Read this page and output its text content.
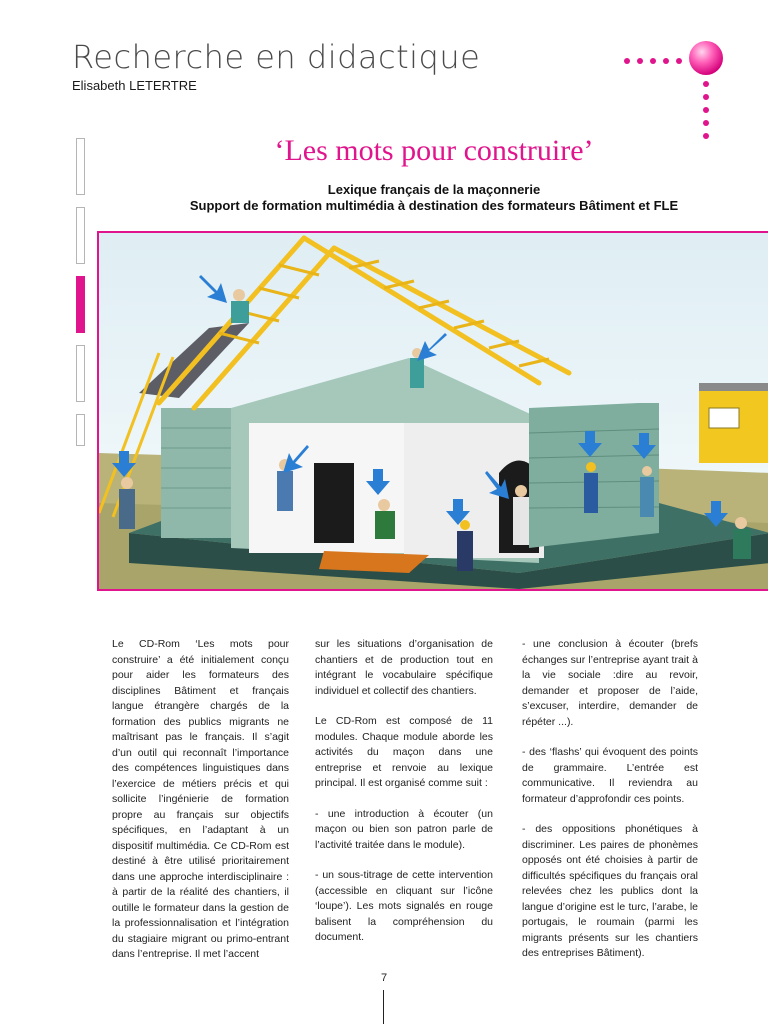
Recherche en didactique
Elisabeth LETERTRE
‘Les mots pour construire’
Lexique français de la maçonnerie
Support de formation multimédia à destination des formateurs Bâtiment et FLE

Le CD-Rom ‘Les mots pour construire’ a été initialement conçu pour aider les formateurs des disciplines Bâtiment et français langue étrangère chargés de la formation des publics migrants ne maîtrisant pas le français. Il s’agit d’un outil qui reconnaît l’importance des compétences linguistiques dans l’exercice de métiers précis et qui sollicite l’ingénierie de formation propre au français sur objectifs spécifiques, en l’adaptant à un dispositif multimédia. Ce CD-Rom est destiné à être utilisé prioritairement dans une approche interdisciplinaire : à partir de la réalité des chantiers, il outille le formateur dans la gestion de la professionnalisation et l’intégration du stagiaire migrant ou primo-entrant dans l’entreprise. Il met l’accent

sur les situations d’organisation de chantiers et de production tout en intégrant le vocabulaire spécifique individuel et collectif des chantiers.

Le CD-Rom est composé de 11 modules. Chaque module aborde les activités du maçon dans une entreprise et renvoie au lexique principal. Il est organisé comme suit :

- une introduction à écouter (un maçon ou bien son patron parle de l’activité traitée dans le module).

- un sous-titrage de cette intervention (accessible en cliquant sur l’icône ‘loupe’). Les mots signalés en rouge balisent la compréhension du document.

- une conclusion à écouter (brefs échanges sur l’entreprise ayant trait à la vie sociale :dire au revoir, demander et proposer de l’aide, s’excuser, interdire, demander de répéter ...).

- des ‘flashs’ qui évoquent des points de grammaire. L’entrée est communicative. Il reviendra au formateur d’approfondir ces points.

- des oppositions phonétiques à discriminer. Les paires de phonèmes opposés ont été choisies à partir de difficultés spécifiques du français oral relevées chez les publics dont la langue d’origine est le turc, l’arabe, le portugais, le roumain (parmi les migrants présents sur les chantiers des entreprises Bâtiment).

7
